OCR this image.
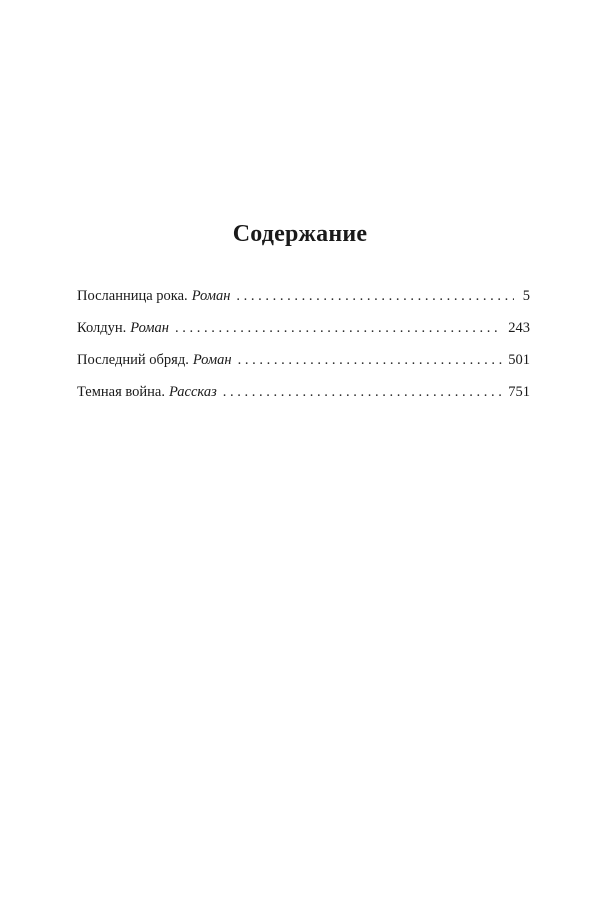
Содержание
Посланница рока. Роман . . .	5
Колдун. Роман . . .	243
Последний обряд. Роман . . .	501
Темная война. Рассказ . . .	751
